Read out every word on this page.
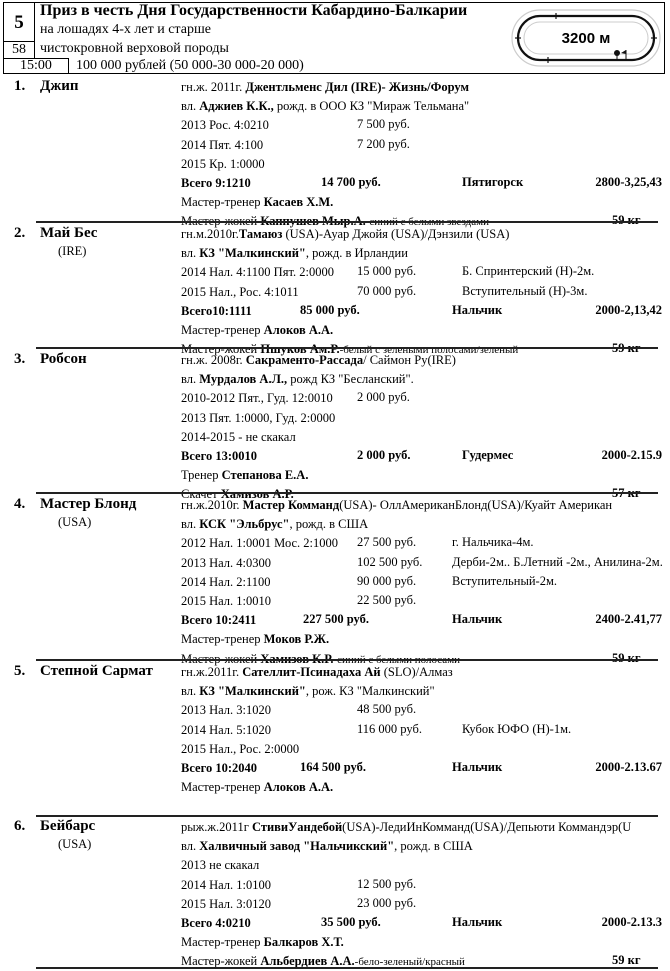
5
58
15:00
Приз в честь Дня Государственности Кабардино-Балкарии
на лошадях 4-х лет и старше
чистокровной верховой породы
100 000 рублей (50 000-30 000-20 000)
3200 м
1. Джип	гн.ж. 2011г. Джентльменс Дил (IRE)- Жизнь/Форум
вл. Аджиев К.К., рожд. в ООО КЗ "Мираж Тельмана"
2013 Рос. 4:0210	7 500 руб.
2014 Пят. 4:100	7 200 руб.
2015 Кр. 1:0000
Всего 9:1210	14 700 руб.	Пятигорск	2800-3,25,43
Мастер-тренер Касаев Х.М.
Мастер-жокей Каппушев Мыр.А.-синий с белыми звездами	59 кг
2. Май Бес
(IRE)
гн.м.2010г.Тамаюз (USA)-Ауар Джойя (USA)/Дэнзили (USA)
вл. КЗ "Малкинский", рожд. в Ирландии
2014 Нал. 4:1100 Пят. 2:0000 15 000 руб.	Б. Спринтерский (Н)-2м.
2015 Нал., Рос. 4:1011	70 000 руб.	Вступительный (Н)-3м.
Всего10:1111	85 000 руб.	Нальчик	2000-2,13,42
Мастер-тренер Алоков А.А.
Мастер-жокей Пшуков Ам.Р.-белый с зелеными полосами/зеленый	59 кг
3. Робсон	гн.ж. 2008г. Сакраменто-Рассада/ Саймон Ру(IRE)
вл. Мурдалов А.Л., рожд КЗ "Бесланский".
2010-2012 Пят., Гуд. 12:0010 2 000 руб.
2013 Пят. 1:0000, Гуд. 2:0000
2014-2015 - не скакал
Всего 13:0010	2 000 руб.	Гудермес	2000-2.15.9
Тренер Степанова Е.А.
Скачет Хамизов А.Р.	57 кг
4. Мастер Блонд
(USA)
гн.ж.2010г. Мастер Комманд(USA)- ОллАмериканБлонд(USA)/Куайт Американ
вл. КСК "Эльбрус", рожд. в США
2012 Нал. 1:0001 Мос. 2:1000 27 500 руб.	г. Нальчика-4м.
2013 Нал. 4:0300	102 500 руб. Дерби-2м.. Б.Летний -2м., Анилина-2м.
2014 Нал. 2:1100	90 000 руб.	Вступительный-2м.
2015 Нал. 1:0010	22 500 руб.
Всего 10:2411	227 500 руб.	Нальчик	2400-2.41,77
Мастер-тренер Моков Р.Ж.
Мастер-жокей Хамизов К.Р.-синий с белыми полосами	59 кг
5. Степной Сармат гн.ж.2011г. Сателлит-Псинадаха Ай (SLO)/Алмаз
вл. КЗ "Малкинский", рож. КЗ "Малкинский"
2013 Нал. 3:1020	48 500 руб.
2014 Нал. 5:1020	116 000 руб.	Кубок ЮФО (Н)-1м.
2015 Нал., Рос. 2:0000
Всего 10:2040	164 500 руб.	Нальчик	2000-2.13.67
Мастер-тренер Алоков А.А.
6. Бейбарс
(USA)
рыж.ж.2011г СтивиУандебой(USA)-ЛедиИнКомманд(USA)/Депьюти Коммандэр(U
вл. Халвичный завод "Нальчикский", рожд. в США
2013 не скакал
2014 Нал. 1:0100	12 500 руб.
2015 Нал. 3:0120	23 000 руб.
Всего 4:0210	35 500 руб.	Нальчик	2000-2.13.3
Мастер-тренер Балкаров Х.Т.
Мастер-жокей Альбердиев А.А.-бело-зеленый/красный	59 кг
